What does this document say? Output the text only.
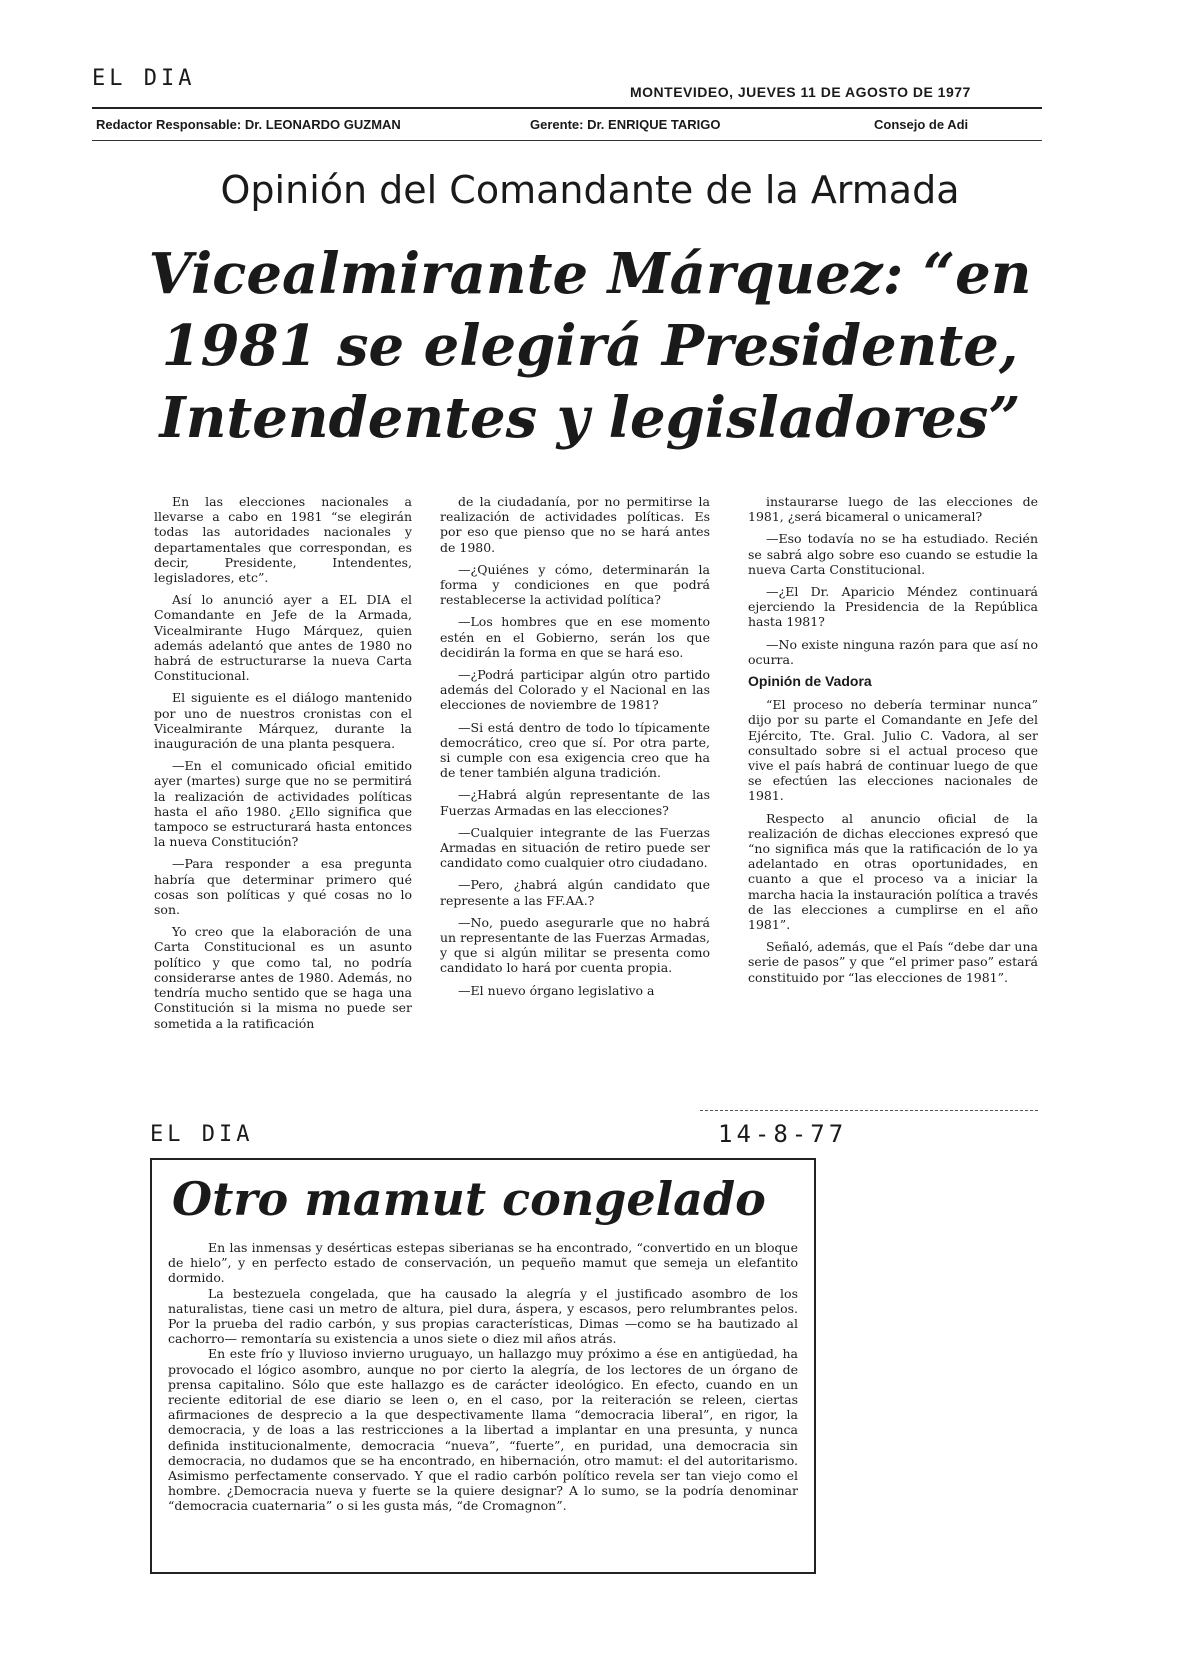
EL DIA
MONTEVIDEO, JUEVES 11 DE AGOSTO DE 1977
Redactor Responsable: Dr. LEONARDO GUZMAN	Gerente: Dr. ENRIQUE TARIGO	Consejo de Adi
Opinión del Comandante de la Armada
Vicealmirante Márquez: “en 1981 se elegirá Presidente, Intendentes y legisladores”

En las elecciones nacionales a llevarse a cabo en 1981 “se elegirán todas las autoridades nacionales y departamentales que correspondan, es decir, Presidente, Intendentes, legisladores, etc”.

Así lo anunció ayer a EL DIA el Comandante en Jefe de la Armada, Vicealmirante Hugo Márquez, quien además adelantó que antes de 1980 no habrá de estructurarse la nueva Carta Constitucional.

El siguiente es el diálogo mantenido por uno de nuestros cronistas con el Vicealmirante Márquez, durante la inauguración de una planta pesquera.

—En el comunicado oficial emitido ayer (martes) surge que no se permitirá la realización de actividades políticas hasta el año 1980. ¿Ello significa que tampoco se estructurará hasta entonces la nueva Constitución?

—Para responder a esa pregunta habría que determinar primero qué cosas son políticas y qué cosas no lo son.

Yo creo que la elaboración de una Carta Constitucional es un asunto político y que como tal, no podría considerarse antes de 1980. Además, no tendría mucho sentido que se haga una Constitución si la misma no puede ser sometida a la ratificación

de la ciudadanía, por no permitirse la realización de actividades políticas. Es por eso que pienso que no se hará antes de 1980.

—¿Quiénes y cómo, determinarán la forma y condiciones en que podrá restablecerse la actividad política?

—Los hombres que en ese momento estén en el Gobierno, serán los que decidirán la forma en que se hará eso.

—¿Podrá participar algún otro partido además del Colorado y el Nacional en las elecciones de noviembre de 1981?

—Si está dentro de todo lo típicamente democrático, creo que sí. Por otra parte, si cumple con esa exigencia creo que ha de tener también alguna tradición.

—¿Habrá algún representante de las Fuerzas Armadas en las elecciones?

—Cualquier integrante de las Fuerzas Armadas en situación de retiro puede ser candidato como cualquier otro ciudadano.

—Pero, ¿habrá algún candidato que represente a las FF.AA.?

—No, puedo asegurarle que no habrá un representante de las Fuerzas Armadas, y que si algún militar se presenta como candidato lo hará por cuenta propia.

—El nuevo órgano legislativo a

instaurarse luego de las elecciones de 1981, ¿será bicameral o unicameral?

—Eso todavía no se ha estudiado. Recién se sabrá algo sobre eso cuando se estudie la nueva Carta Constitucional.

—¿El Dr. Aparicio Méndez continuará ejerciendo la Presidencia de la República hasta 1981?

—No existe ninguna razón para que así no ocurra.

Opinión de Vadora

“El proceso no debería terminar nunca” dijo por su parte el Comandante en Jefe del Ejército, Tte. Gral. Julio C. Vadora, al ser consultado sobre si el actual proceso que vive el país habrá de continuar luego de que se efectúen las elecciones nacionales de 1981.

Respecto al anuncio oficial de la realización de dichas elecciones expresó que “no significa más que la ratificación de lo ya adelantado en otras oportunidades, en cuanto a que el proceso va a iniciar la marcha hacia la instauración política a través de las elecciones a cumplirse en el año 1981”.

Señaló, además, que el País “debe dar una serie de pasos” y que “el primer paso” estará constituido por “las elecciones de 1981”.

EL DIA	14-8-77
Otro mamut congelado

En las inmensas y desérticas estepas siberianas se ha encontrado, “convertido en un bloque de hielo”, y en perfecto estado de conservación, un pequeño mamut que semeja un elefantito dormido.

La bestezuela congelada, que ha causado la alegría y el justificado asombro de los naturalistas, tiene casi un metro de altura, piel dura, áspera, y escasos, pero relumbrantes pelos. Por la prueba del radio carbón, y sus propias características, Dimas —como se ha bautizado al cachorro— remontaría su existencia a unos siete o diez mil años atrás.

En este frío y lluvioso invierno uruguayo, un hallazgo muy próximo a ése en antigüedad, ha provocado el lógico asombro, aunque no por cierto la alegría, de los lectores de un órgano de prensa capitalino. Sólo que este hallazgo es de carácter ideológico. En efecto, cuando en un reciente editorial de ese diario se leen o, en el caso, por la reiteración se releen, ciertas afirmaciones de desprecio a la que despectivamente llama “democracia liberal”, en rigor, la democracia, y de loas a las restricciones a la libertad a implantar en una presunta, y nunca definida institucionalmente, democracia “nueva”, “fuerte”, en puridad, una democracia sin democracia, no dudamos que se ha encontrado, en hibernación, otro mamut: el del autoritarismo. Asimismo perfectamente conservado. Y que el radio carbón político revela ser tan viejo como el hombre. ¿Democracia nueva y fuerte se la quiere designar? A lo sumo, se la podría denominar “democracia cuaternaria” o si les gusta más, “de Cromagnon”.
